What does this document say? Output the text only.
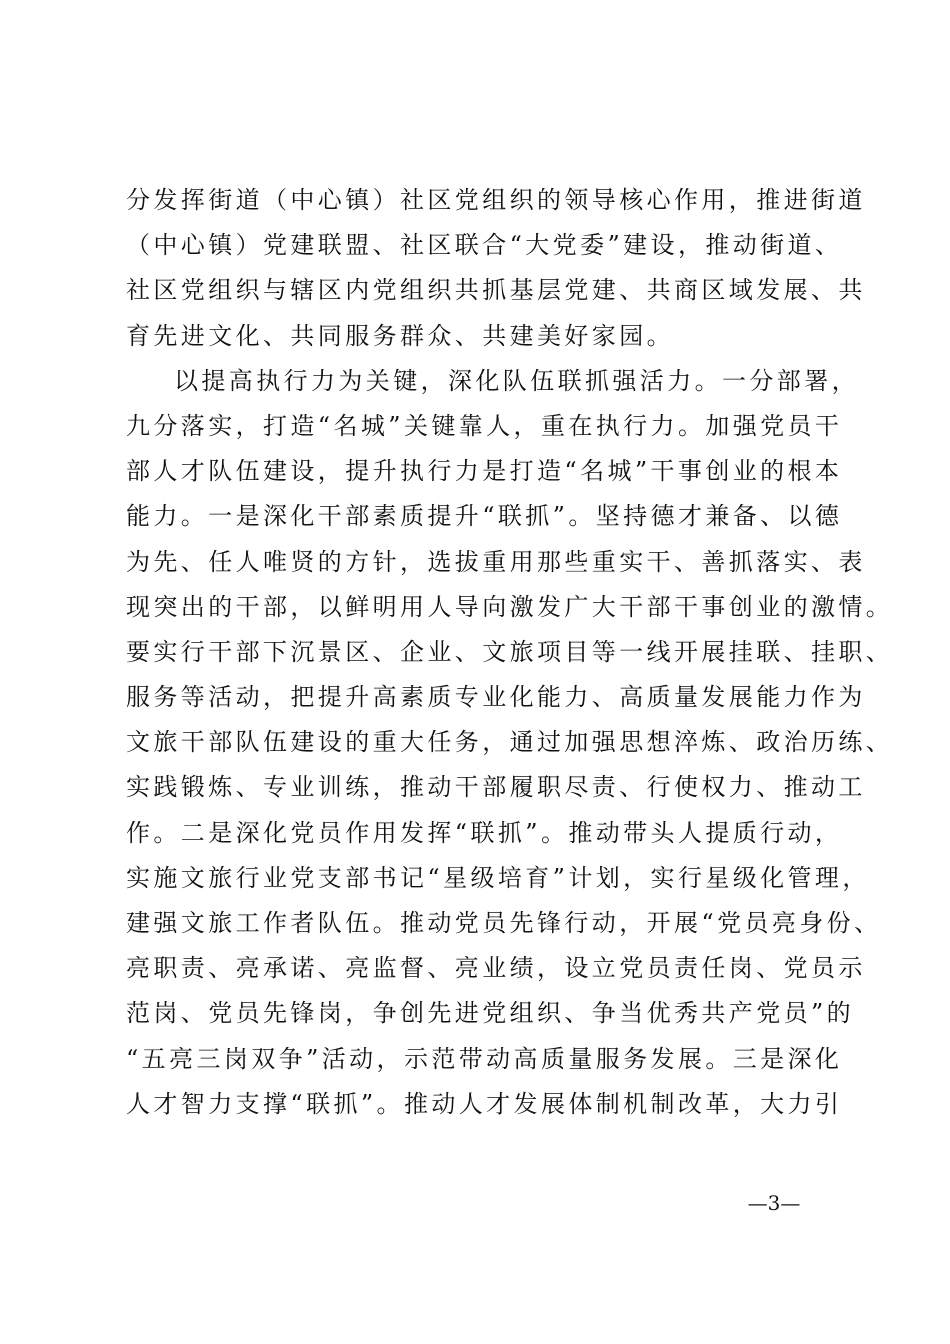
分发挥街道（中心镇）社区党组织的领导核心作用，推进街道
（中心镇）党建联盟、社区联合“大党委”建设，推动街道、
社区党组织与辖区内党组织共抓基层党建、共商区域发展、共
育先进文化、共同服务群众、共建美好家园。
以提高执行力为关键，深化队伍联抓强活力。一分部署，
九分落实，打造“名城”关键靠人，重在执行力。加强党员干
部人才队伍建设，提升执行力是打造“名城”干事创业的根本
能力。一是深化干部素质提升“联抓”。坚持德才兼备、以德
为先、任人唯贤的方针，选拔重用那些重实干、善抓落实、表
现突出的干部，以鲜明用人导向激发广大干部干事创业的激情。
要实行干部下沉景区、企业、文旅项目等一线开展挂联、挂职、
服务等活动，把提升高素质专业化能力、高质量发展能力作为
文旅干部队伍建设的重大任务，通过加强思想淬炼、政治历练、
实践锻炼、专业训练，推动干部履职尽责、行使权力、推动工
作。二是深化党员作用发挥“联抓”。推动带头人提质行动，
实施文旅行业党支部书记“星级培育”计划，实行星级化管理，
建强文旅工作者队伍。推动党员先锋行动，开展“党员亮身份、
亮职责、亮承诺、亮监督、亮业绩，设立党员责任岗、党员示
范岗、党员先锋岗，争创先进党组织、争当优秀共产党员”的
“五亮三岗双争”活动，示范带动高质量服务发展。三是深化
人才智力支撑“联抓”。推动人才发展体制机制改革，大力引
—3—
